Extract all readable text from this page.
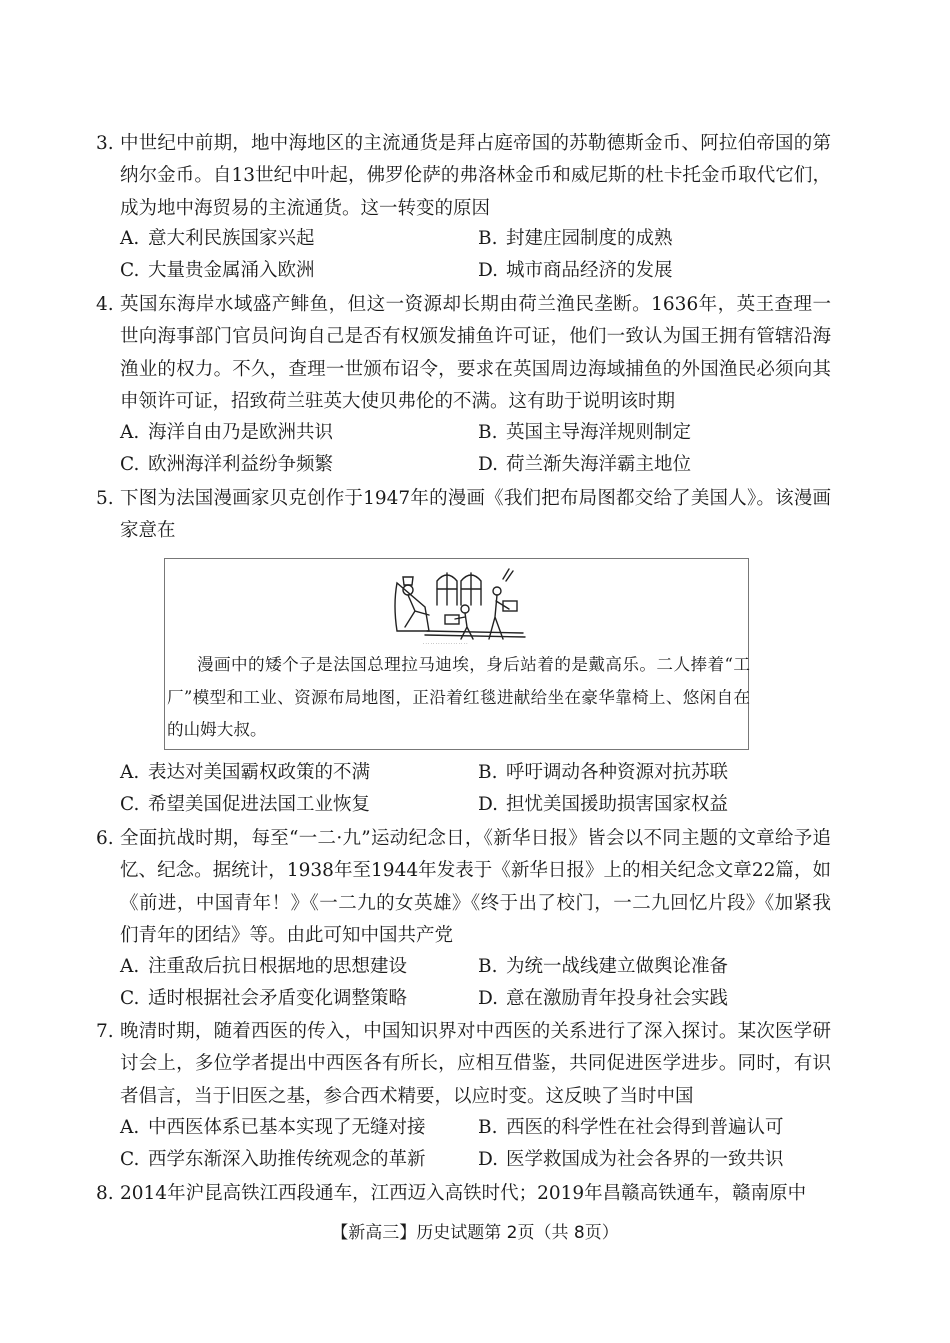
3. 中世纪中前期，地中海地区的主流通货是拜占庭帝国的苏勒德斯金币、阿拉伯帝国的第纳尔金币。自13世纪中叶起，佛罗伦萨的弗洛林金币和威尼斯的杜卡托金币取代它们，成为地中海贸易的主流通货。这一转变的原因
A. 意大利民族国家兴起	B. 封建庄园制度的成熟
C. 大量贵金属涌入欧洲	D. 城市商品经济的发展
4. 英国东海岸水域盛产鲱鱼，但这一资源却长期由荷兰渔民垄断。1636年，英王查理一世向海事部门官员问询自己是否有权颁发捕鱼许可证，他们一致认为国王拥有管辖沿海渔业的权力。不久，查理一世颁布诏令，要求在英国周边海域捕鱼的外国渔民必须向其申领许可证，招致荷兰驻英大使贝弗伦的不满。这有助于说明该时期
A. 海洋自由乃是欧洲共识	B. 英国主导海洋规则制定
C. 欧洲海洋利益纷争频繁	D. 荷兰渐失海洋霸主地位
5. 下图为法国漫画家贝克创作于1947年的漫画《我们把布局图都交给了美国人》。该漫画家意在
· · · · · · · · · · · · · · · · · ·
漫画中的矮个子是法国总理拉马迪埃，身后站着的是戴高乐。二人捧着“工厂”模型和工业、资源布局地图，正沿着红毯进献给坐在豪华靠椅上、悠闲自在的山姆大叔。
A. 表达对美国霸权政策的不满	B. 呼吁调动各种资源对抗苏联
C. 希望美国促进法国工业恢复	D. 担忧美国援助损害国家权益
6. 全面抗战时期，每至“一二·九”运动纪念日，《新华日报》皆会以不同主题的文章给予追忆、纪念。据统计，1938年至1944年发表于《新华日报》上的相关纪念文章22篇，如《前进，中国青年！》《一二九的女英雄》《终于出了校门，一二九回忆片段》《加紧我们青年的团结》等。由此可知中国共产党
A. 注重敌后抗日根据地的思想建设	B. 为统一战线建立做舆论准备
C. 适时根据社会矛盾变化调整策略	D. 意在激励青年投身社会实践
7. 晚清时期，随着西医的传入，中国知识界对中西医的关系进行了深入探讨。某次医学研讨会上，多位学者提出中西医各有所长，应相互借鉴，共同促进医学进步。同时，有识者倡言，当于旧医之基，参合西术精要，以应时变。这反映了当时中国
A. 中西医体系已基本实现了无缝对接	B. 西医的科学性在社会得到普遍认可
C. 西学东渐深入助推传统观念的革新	D. 医学救国成为社会各界的一致共识
8. 2014年沪昆高铁江西段通车，江西迈入高铁时代；2019年昌赣高铁通车，赣南原中
【新高三】历史试题第 2页（共 8页）
